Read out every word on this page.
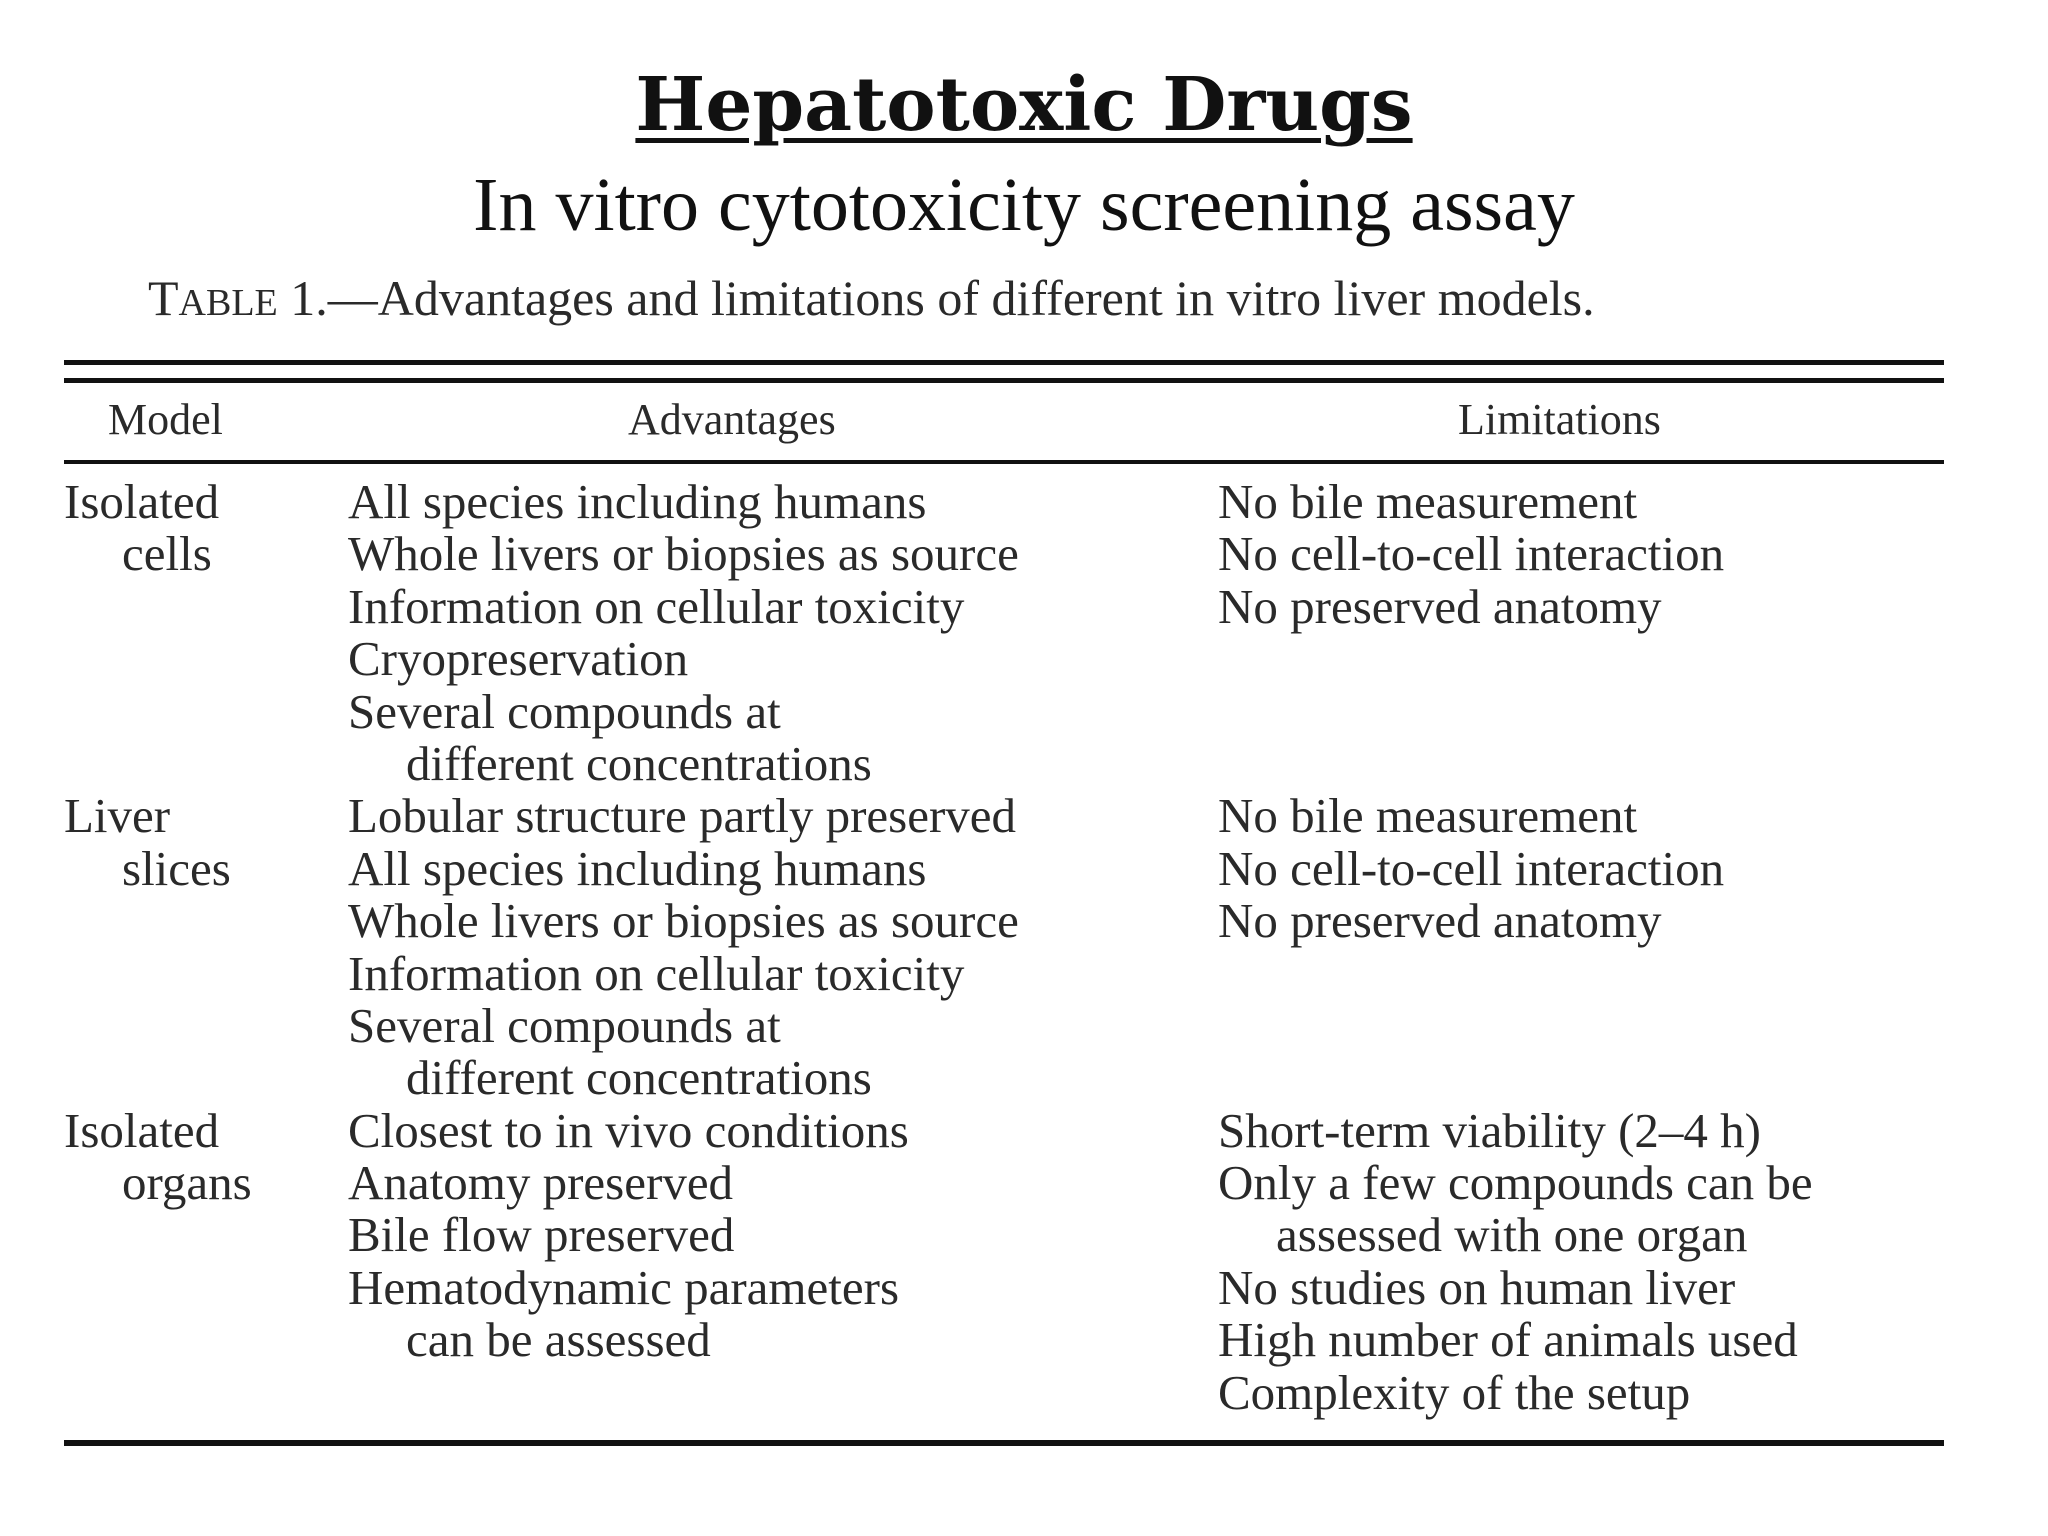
Hepatotoxic Drugs
In vitro cytotoxicity screening assay
TABLE 1.—Advantages and limitations of different in vitro liver models.
Model	Advantages	Limitations
Isolated
cells
All species including humans
Whole livers or biopsies as source
Information on cellular toxicity
Cryopreservation
Several compounds at
different concentrations
No bile measurement
No cell-to-cell interaction
No preserved anatomy
Liver
slices
Lobular structure partly preserved
All species including humans
Whole livers or biopsies as source
Information on cellular toxicity
Several compounds at
different concentrations
No bile measurement
No cell-to-cell interaction
No preserved anatomy
Isolated
organs
Closest to in vivo conditions
Anatomy preserved
Bile flow preserved
Hematodynamic parameters
can be assessed
Short-term viability (2–4 h)
Only a few compounds can be
assessed with one organ
No studies on human liver
High number of animals used
Complexity of the setup
